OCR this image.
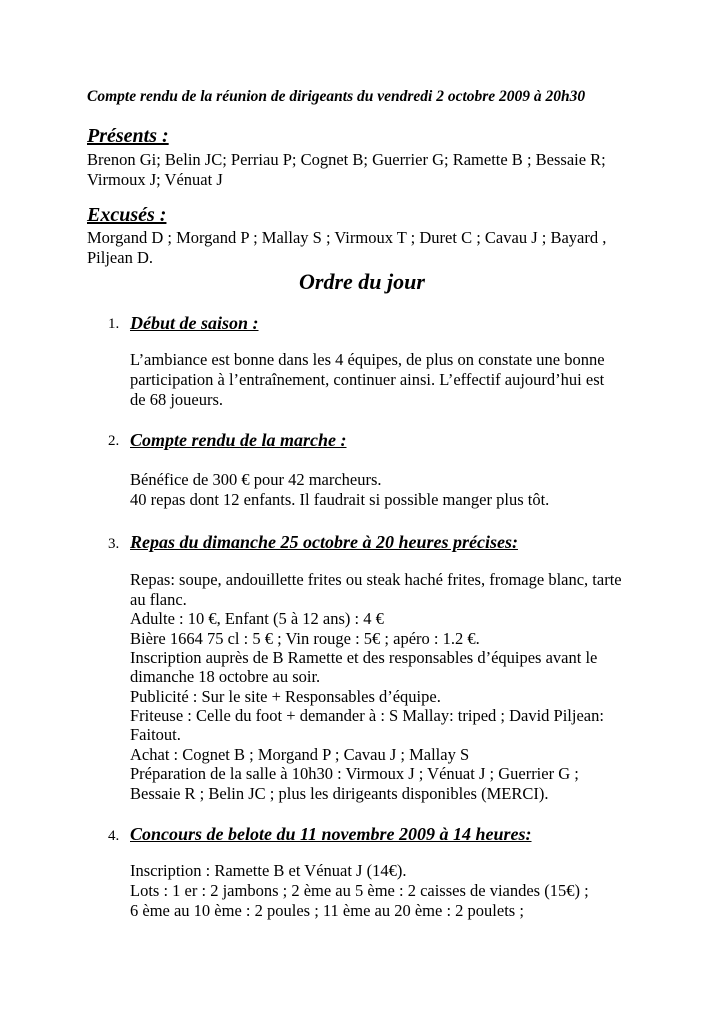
Compte rendu de la réunion de dirigeants du vendredi 2 octobre 2009 à 20h30
Présents :
Brenon Gi; Belin JC; Perriau P; Cognet B; Guerrier G; Ramette B ; Bessaie R;
Virmoux J; Vénuat J
Excusés :
Morgand D ; Morgand P ; Mallay S ; Virmoux T ; Duret C ; Cavau J ; Bayard ,
Piljean D.
Ordre du jour
1. Début de saison :
L’ambiance est bonne dans les 4 équipes, de plus on constate une bonne
participation à l’entraînement, continuer ainsi. L’effectif aujourd’hui est
de 68 joueurs.
2. Compte rendu de la marche :
Bénéfice de 300 € pour 42 marcheurs.
40 repas dont 12 enfants. Il faudrait si possible manger plus tôt.
3. Repas du dimanche 25 octobre à 20 heures précises:
Repas: soupe, andouillette frites ou steak haché frites, fromage blanc, tarte
au flanc.
Adulte : 10 €, Enfant (5 à 12 ans) : 4 €
Bière 1664 75 cl : 5 € ; Vin rouge : 5€ ; apéro : 1.2 €.
Inscription auprès de B Ramette et des responsables d’équipes avant le
dimanche 18 octobre au soir.
Publicité : Sur le site + Responsables d’équipe.
Friteuse : Celle du foot + demander à : S Mallay: triped ; David Piljean:
Faitout.
Achat : Cognet B ; Morgand P ; Cavau J ; Mallay S
Préparation de la salle à 10h30 : Virmoux J ; Vénuat J ; Guerrier G ;
Bessaie R ; Belin JC ; plus les dirigeants disponibles (MERCI).
4. Concours de belote du 11 novembre 2009 à 14 heures:
Inscription : Ramette B et Vénuat J (14€).
Lots : 1 er : 2 jambons ; 2 ème au 5 ème : 2 caisses de viandes (15€) ;
6 ème au 10 ème : 2 poules ; 11 ème au 20 ème : 2 poulets ;
